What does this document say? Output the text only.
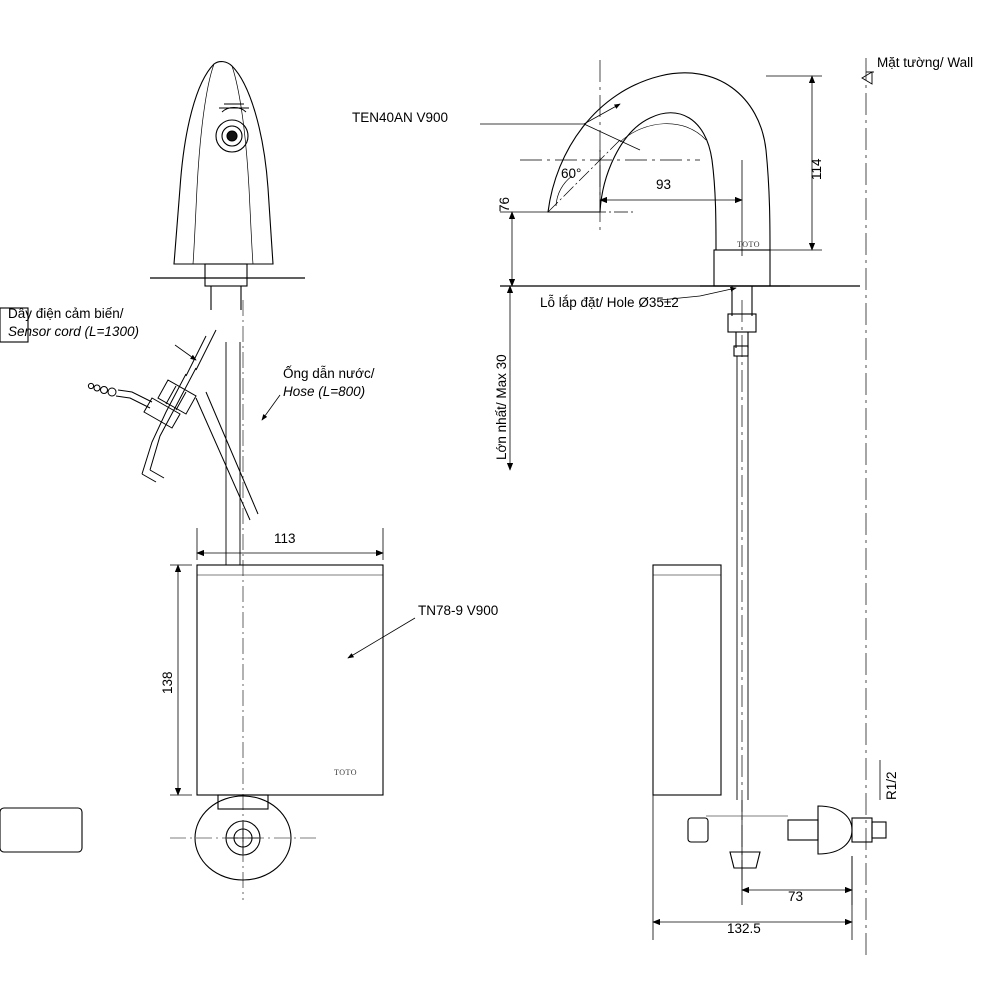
TEN40AN V900
TN78-9 V900
Dây điện cảm biến/
Sensor cord (L=1300)
Ống dẫn nước/
Hose (L=800)
Lỗ lắp đặt/ Hole Ø35±2
Mặt tường/ Wall
Lớn nhất/ Max 30
R1/2
114
76
93
60°
113
138
73
132.5
TOTO
TOTO
